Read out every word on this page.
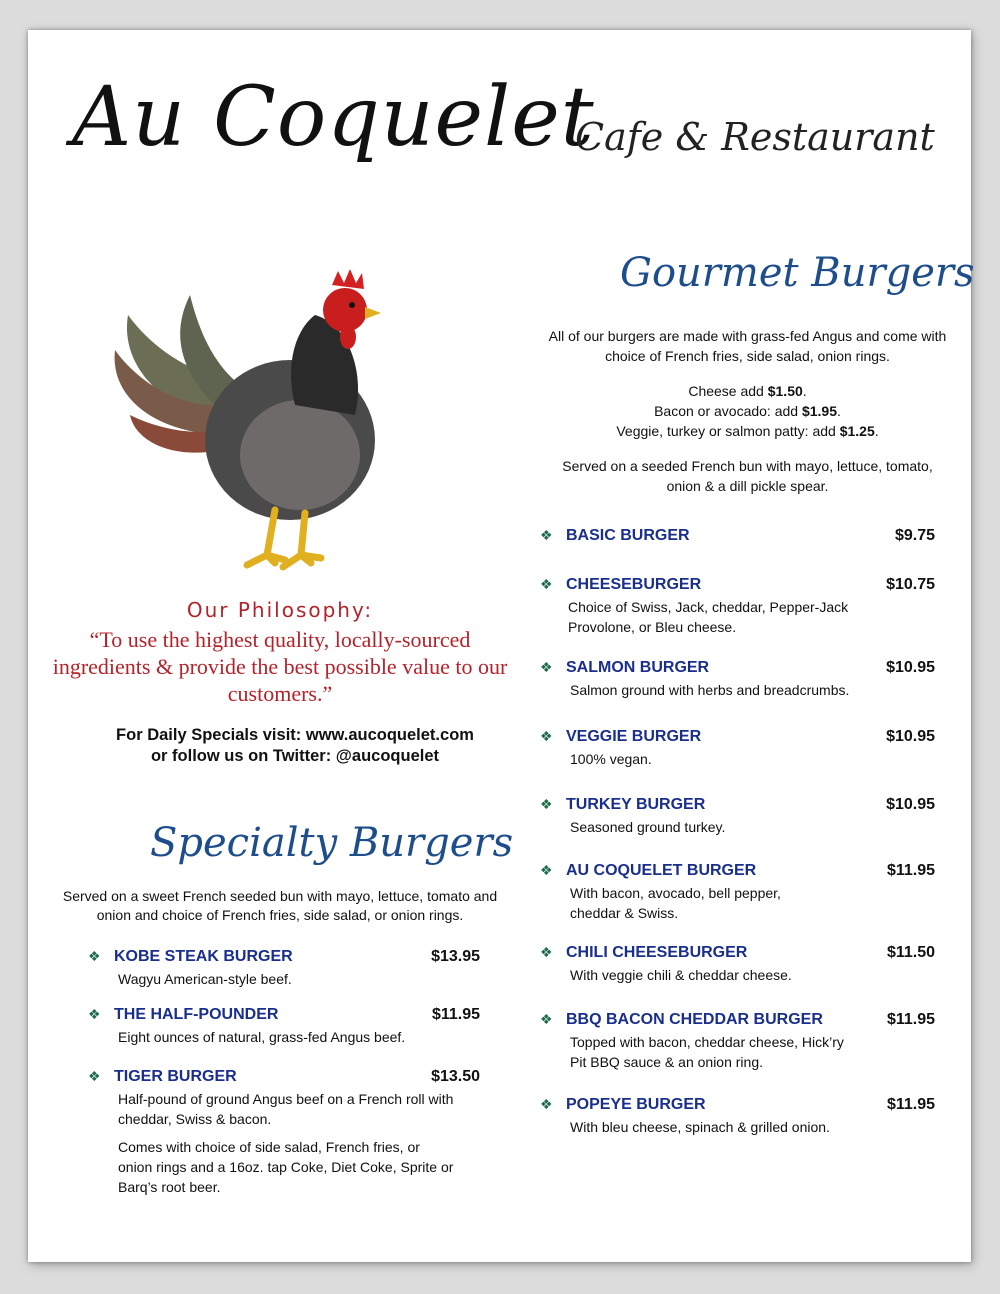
Au Coquelet
Cafe & Restaurant
Our Philosophy:
“To use the highest quality, locally-sourced ingredients & provide the best possible value to our customers.”
For Daily Specials visit: www.aucoquelet.com
or follow us on Twitter: @aucoquelet
Specialty Burgers
Served on a sweet French seeded bun with mayo, lettuce, tomato and onion and choice of French fries, side salad, or onion rings.
❖ KOBE STEAK BURGER	$13.95

Wagyu American-style beef.

❖ THE HALF-POUNDER	$11.95

Eight ounces of natural, grass-fed Angus beef.

❖ TIGER BURGER	$13.50

Half-pound of ground Angus beef on a French roll with cheddar, Swiss & bacon.

Comes with choice of side salad, French fries, or onion rings and a 16oz. tap Coke, Diet Coke, Sprite or Barq’s root beer.

Gourmet Burgers

All of our burgers are made with grass-fed Angus and come with choice of French fries, side salad, onion rings.

Cheese add $1.50.
Bacon or avocado: add $1.95.
Veggie, turkey or salmon patty: add $1.25.

Served on a seeded French bun with mayo, lettuce, tomato, onion & a dill pickle spear.

❖ BASIC BURGER	$9.75
❖ CHEESEBURGER	$10.75

Choice of Swiss, Jack, cheddar, Pepper-Jack Provolone, or Bleu cheese.

❖ SALMON BURGER	$10.95

Salmon ground with herbs and breadcrumbs.

❖ VEGGIE BURGER	$10.95

100% vegan.

❖ TURKEY BURGER	$10.95

Seasoned ground turkey.

❖ AU COQUELET BURGER	$11.95

With bacon, avocado, bell pepper, cheddar & Swiss.

❖ CHILI CHEESEBURGER	$11.50

With veggie chili & cheddar cheese.

❖ BBQ BACON CHEDDAR BURGER	$11.95

Topped with bacon, cheddar cheese, Hick’ry Pit BBQ sauce & an onion ring.

❖ POPEYE BURGER	$11.95

With bleu cheese, spinach & grilled onion.
